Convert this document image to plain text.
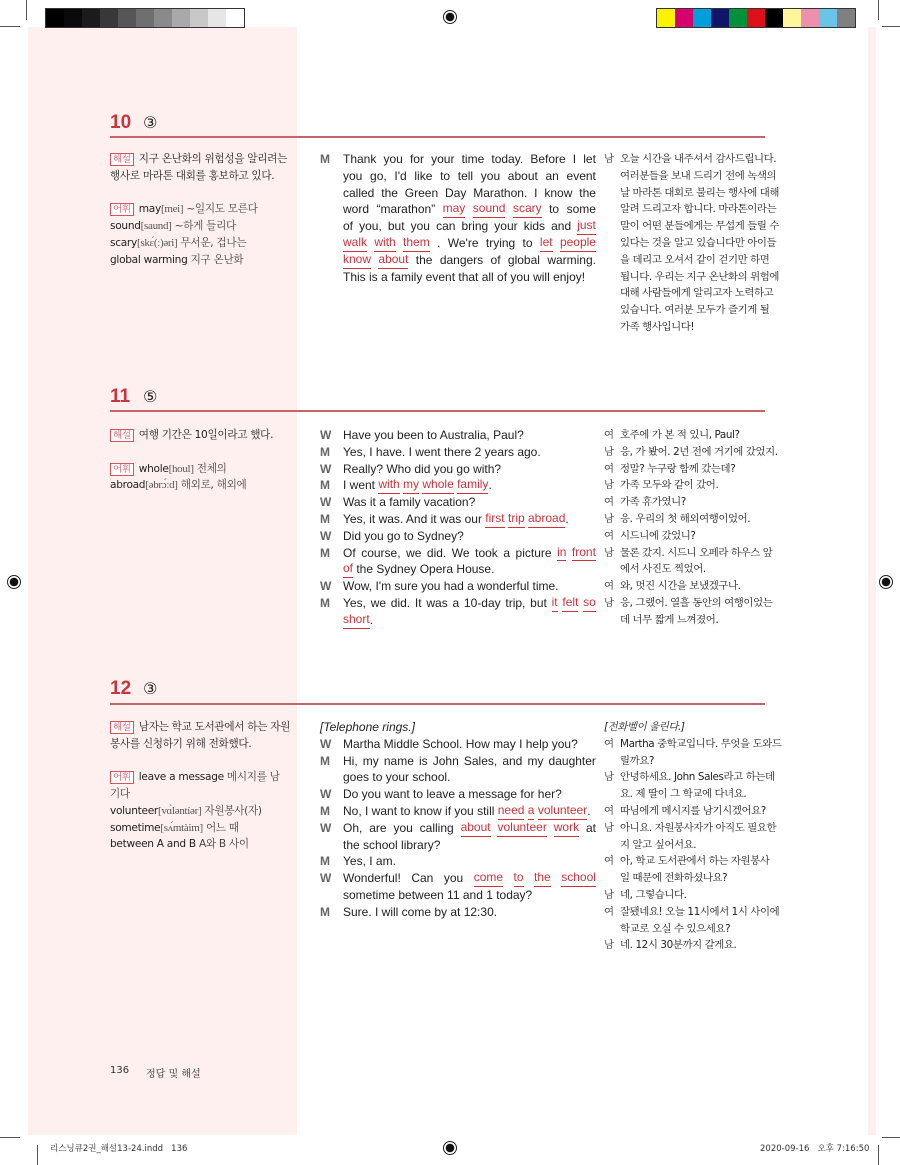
10 ③
해설 지구 온난화의 위험성을 알리려는
행사로 마라톤 대회를 홍보하고 있다.
어휘 may[mei] ~일지도 모른다
sound[saund] ~하게 들리다
scary[skɛ́(ː)əri] 무서운, 겁나는
global warming 지구 온난화
M	Thank you for your time today. Before I let
you go, I'd like to tell you about an event
called the Green Day Marathon. I know the
word “marathon” may sound scary to some
of you, but you can bring your kids and just
walk with them . We're trying to let people
know about the dangers of global warming.
This is a family event that all of you will enjoy!
남 오늘 시간을 내주셔서 감사드립니다.
여러분들을 보내 드리기 전에 녹색의
날 마라톤 대회로 불리는 행사에 대해
알려 드리고자 합니다. 마라톤이라는
말이 어떤 분들에게는 무섭게 들릴 수
있다는 것을 알고 있습니다만 아이들
을 데리고 오셔서 같이 걷기만 하면
됩니다. 우리는 지구 온난화의 위험에
대해 사람들에게 알리고자 노력하고
있습니다. 여러분 모두가 즐기게 될
가족 행사입니다!
11 ⑤
해설 여행 기간은 10일이라고 했다.
어휘 whole[houl] 전체의
abroad[əbrɔ́ːd] 해외로, 해외에
W Have you been to Australia, Paul?
M	Yes, I have. I went there 2 years ago.
W Really? Who did you go with?
M	I went with
my
whole
family .
W Was it a family vacation?
M	Yes, it was. And it was our first
trip
abroad .
W Did you go to Sydney?
M	Of course, we did. We took a picture in front
of the Sydney Opera House.
W Wow, I'm sure you had a wonderful time.
M	Yes, we did. It was a 10-day trip, but it felt so
short .
여 호주에 가 본 적 있니, Paul?
남 응, 가 봤어. 2년 전에 거기에 갔었지.
여 정말? 누구랑 함께 갔는데?
남 가족 모두와 같이 갔어.
여 가족 휴가였니?
남 응. 우리의 첫 해외여행이었어.
여 시드니에 갔었니?
남 물론 갔지. 시드니 오페라 하우스 앞
에서 사진도 찍었어.
여 와, 멋진 시간을 보냈겠구나.
남 응, 그랬어. 열흘 동안의 여행이었는
데 너무 짧게 느껴졌어.
12 ③
해설 남자는 학교 도서관에서 하는 자원
봉사를 신청하기 위해 전화했다.
어휘 leave a message 메시지를 남
기다
volunteer[vɑ̀ləntíər] 자원봉사(자)
sometime[sʌ́mtàim] 어느 때
between A and B A와 B 사이
[Telephone rings.]
W Martha Middle School. How may I help you?
M	Hi, my name is John Sales, and my daughter
goes to your school.
W Do you want to leave a message for her?
M	No, I want to know if you still need
a
volunteer .
W Oh, are you calling about volunteer work at
the school library?
M	Yes, I am.
W Wonderful! Can you come to the school
sometime between 11 and 1 today?
M	Sure. I will come by at 12:30.
[전화벨이 울린다.]
여 Martha 중학교입니다. 무엇을 도와드
릴까요?
남 안녕하세요. John Sales라고 하는데
요. 제 딸이 그 학교에 다녀요.
여 따님에게 메시지를 남기시겠어요?
남 아니요. 자원봉사자가 아직도 필요한
지 알고 싶어서요.
여 아, 학교 도서관에서 하는 자원봉사
일 때문에 전화하셨나요?
남 네, 그렇습니다.
여 잘됐네요! 오늘 11시에서 1시 사이에
학교로 오실 수 있으세요?
남 네. 12시 30분까지 갈게요.
136 정답 및 해설
리스닝큐2권_해설13-24.indd   136	2020-09-16   오후 7:16:50
